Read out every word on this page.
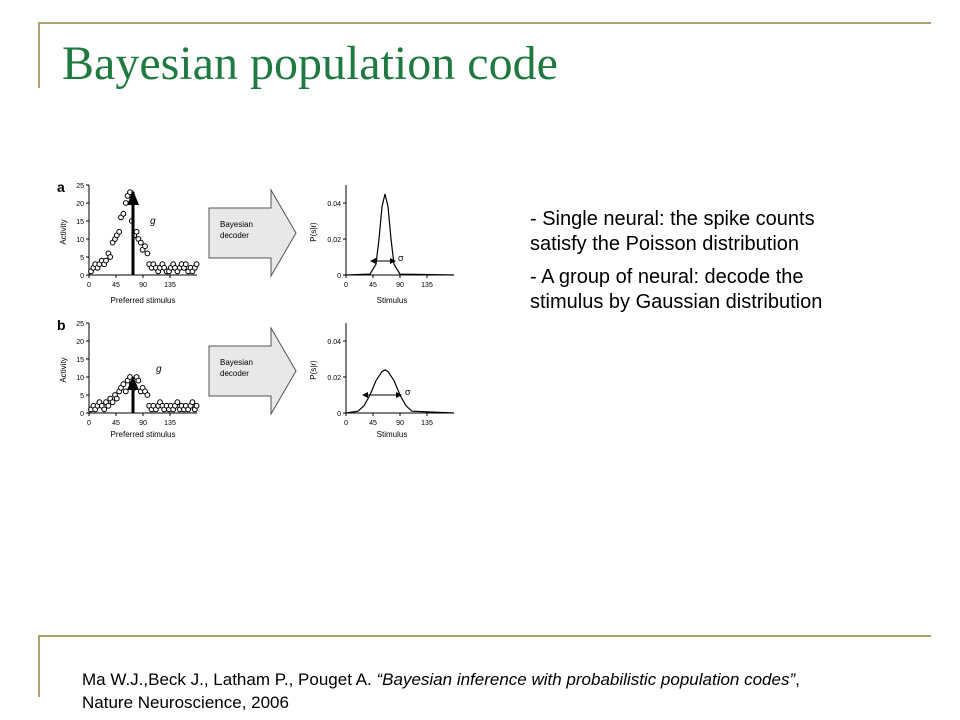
Bayesian population code
a
Activity
0
5
10
15
20
25
0	45	90 135
g
Preferred stimulus
Bayesian
decoder	P(s|r)
0
0.02
0.04
0	45	90 135
σ
Stimulus
b
Activity
0
5
10
15
20
25
0	45	90 135
g
Preferred stimulus
Bayesian
decoder	P(s|r)
0
0.02
0.04
0	45	90 135
σ
Stimulus

- Single neural: the spike counts satisfy the Poisson distribution

- A group of neural: decode the stimulus by Gaussian distribution

Ma W.J.,Beck J., Latham P., Pouget A. “Bayesian inference with probabilistic population codes”,
Nature Neuroscience, 2006
